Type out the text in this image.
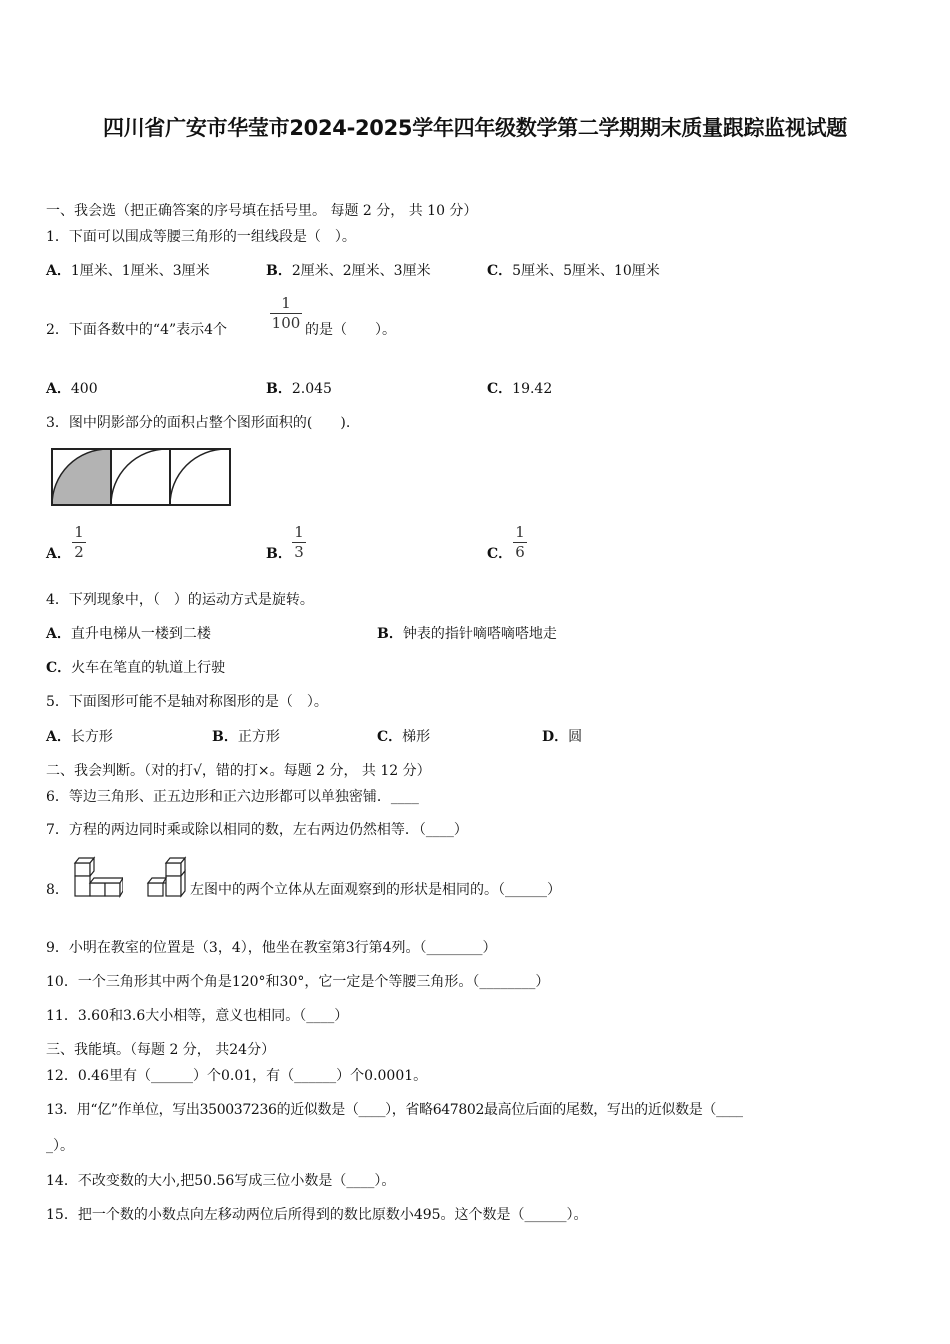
四川省广安市华莹市2024-2025学年四年级数学第二学期期末质量跟踪监视试题
一、我会选（把正确答案的序号填在括号里。 每题 2 分， 共 10 分）
1．下面可以围成等腰三角形的一组线段是（　）。
A．1厘米、1厘米、3厘米	B．2厘米、2厘米、3厘米	C．5厘米、5厘米、10厘米
2．下面各数中的“4”表示4个
1
100 的是（　　）。
A．400	B．2.045	C．19.42
3．图中阴影部分的面积占整个图形面积的(　　).
A．
1
2	B．
1
3	C．
1
6
4．下列现象中，（　）的运动方式是旋转。
A．直升电梯从一楼到二楼	B．钟表的指针嘀嗒嘀嗒地走
C．火车在笔直的轨道上行驶
5．下面图形可能不是轴对称图形的是（　）。
A．长方形	B．正方形	C．梯形	D．圆
二、我会判断。（对的打√，错的打×。每题 2 分， 共 12 分）
6．等边三角形、正五边形和正六边形都可以单独密铺．____
7．方程的两边同时乘或除以相同的数，左右两边仍然相等．（____）
8．	左图中的两个立体从左面观察到的形状是相同的。（______）
9．小明在教室的位置是（3，4），他坐在教室第3行第4列。（________）
10．一个三角形其中两个角是120°和30°，它一定是个等腰三角形。（________）
11．3.60和3.6大小相等，意义也相同。（____）
三、我能填。（每题 2 分， 共24分）
12．0.46里有（______）个0.01，有（______）个0.0001。
13．用“亿”作单位，写出350037236的近似数是（____），省略647802最高位后面的尾数，写出的近似数是（____
_）。
14．不改变数的大小,把50.56写成三位小数是（____）。
15．把一个数的小数点向左移动两位后所得到的数比原数小495。这个数是（______）。
